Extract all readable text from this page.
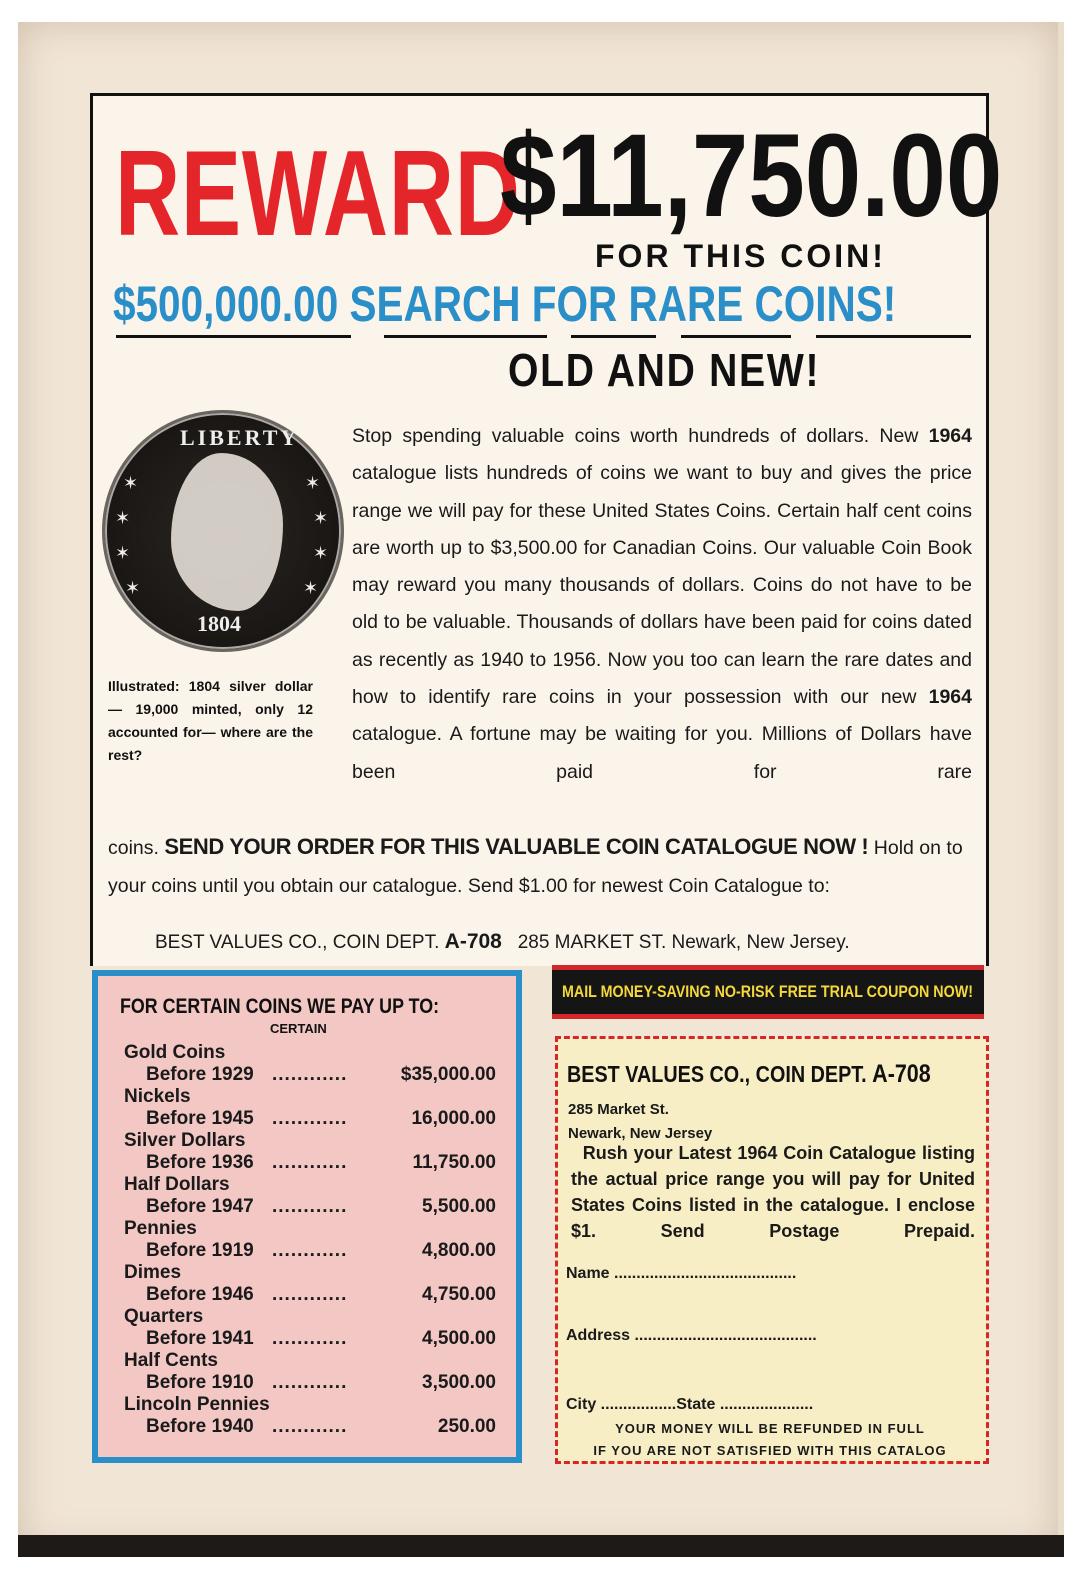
REWARD
$11,750.00
FOR THIS COIN!
$500,000.00 SEARCH FOR RARE COINS!
OLD AND NEW!
LIBERTY
1804
✶
✶
✶
✶
✶
✶
✶
✶
Illustrated: 1804 silver dollar — 19,000 minted, only 12 accounted for— where are the rest?
Stop spending valuable coins worth hundreds of dollars. New 1964 catalogue lists hundreds of coins we want to buy and gives the price range we will pay for these United States Coins. Certain half cent coins are worth up to $3,500.00 for Canadian Coins. Our valuable Coin Book may reward you many thousands of dollars. Coins do not have to be old to be valuable. Thousands of dollars have been paid for coins dated as recently as 1940 to 1956. Now you too can learn the rare dates and how to identify rare coins in your possession with our new 1964 catalogue. A fortune may be waiting for you. Millions of Dollars have been paid for rare
coins. SEND YOUR ORDER FOR THIS VALUABLE COIN CATALOGUE NOW ! Hold on to your coins until you obtain our catalogue. Send $1.00 for newest Coin Catalogue to:
BEST VALUES CO., COIN DEPT. A-708 285 MARKET ST. Newark, New Jersey.
FOR CERTAIN COINS WE PAY UP TO:
CERTAIN
Gold Coins
Before 1929 ............	$35,000.00
Nickels
Before 1945 ............	16,000.00
Silver Dollars
Before 1936 ............	11,750.00
Half Dollars
Before 1947 ............	5,500.00
Pennies
Before 1919 ............	4,800.00
Dimes
Before 1946 ............	4,750.00
Quarters
Before 1941 ............	4,500.00
Half Cents
Before 1910 ............	3,500.00
Lincoln Pennies
Before 1940 ............	250.00
MAIL MONEY-SAVING NO-RISK FREE TRIAL COUPON NOW!
BEST VALUES CO., COIN DEPT. A-708
285 Market St.
Newark, New Jersey
Rush your Latest 1964 Coin Catalogue listing the actual price range you will pay for United States Coins listed in the catalogue. I enclose $1. Send Postage Prepaid.
Name .........................................
Address .........................................
City .................State .....................
YOUR MONEY WILL BE REFUNDED IN FULL
IF YOU ARE NOT SATISFIED WITH THIS CATALOG
